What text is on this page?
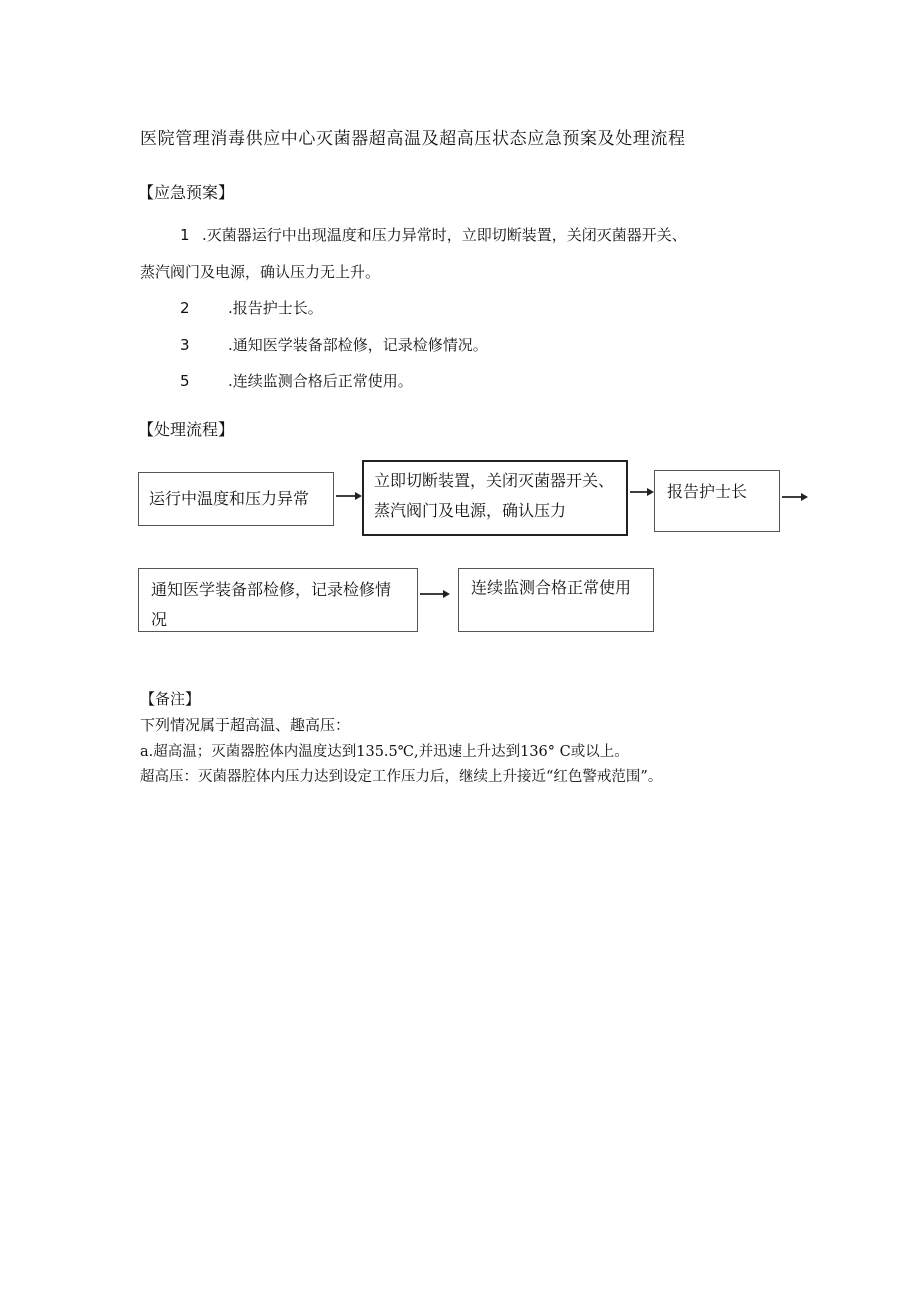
医院管理消毒供应中心灭菌器超高温及超高压状态应急预案及处理流程
【应急预案】
1 .灭菌器运行中出现温度和压力异常时，立即切断装置，关闭灭菌器开关、
蒸汽阀门及电源，确认压力无上升。
2	.报告护士长。
3	.通知医学装备部检修，记录检修情况。
5	.连续监测合格后正常使用。
【处理流程】
运行中温度和压力异常
立即切断装置，关闭灭菌器开关、蒸汽阀门及电源，确认压力
报告护士长
通知医学装备部检修，记录检修情况
连续监测合格正常使用
【备注】
下列情况属于超高温、趣高压：
a.超高温；灭菌器腔体内温度达到135.5℃,并迅速上升达到136° C或以上。
超高压：灭菌器腔体内压力达到设定工作压力后，继续上升接近“红色警戒范围”。
